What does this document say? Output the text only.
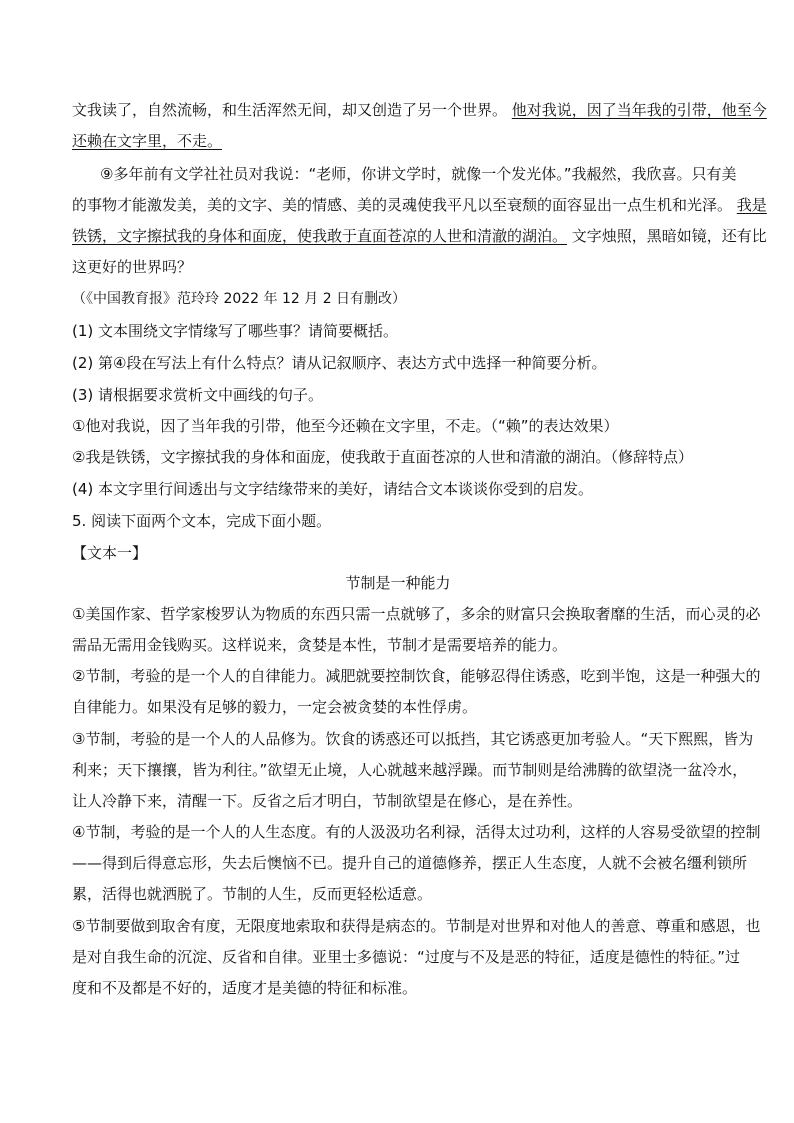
文我读了，自然流畅，和生活浑然无间，却又创造了另一个世界。 他对我说，因了当年我的引带，他至今
还赖在文字里，不走。
⑨多年前有文学社社员对我说：“老师，你讲文学时，就像一个发光体。”我赧然，我欣喜。只有美
的事物才能激发美，美的文字、美的情感、美的灵魂使我平凡以至衰颓的面容显出一点生机和光泽。 我是
铁锈，文字擦拭我的身体和面庞，使我敢于直面苍凉的人世和清澈的湖泊。 文字烛照，黑暗如镜，还有比
这更好的世界吗？
（《中国教育报》范玲玲 2022 年 12 月 2 日有删改）
(1) 文本围绕文字情缘写了哪些事？请简要概括。
(2) 第④段在写法上有什么特点？请从记叙顺序、表达方式中选择一种简要分析。
(3) 请根据要求赏析文中画线的句子。
①他对我说，因了当年我的引带，他至今还赖在文字里，不走。（“赖”的表达效果）
②我是铁锈，文字擦拭我的身体和面庞，使我敢于直面苍凉的人世和清澈的湖泊。（修辞特点）
(4) 本文字里行间透出与文字结缘带来的美好，请结合文本谈谈你受到的启发。
5. 阅读下面两个文本，完成下面小题。
【文本一】
节制是一种能力
①美国作家、哲学家梭罗认为物质的东西只需一点就够了，多余的财富只会换取奢靡的生活，而心灵的必
需品无需用金钱购买。这样说来，贪婪是本性，节制才是需要培养的能力。
②节制，考验的是一个人的自律能力。减肥就要控制饮食，能够忍得住诱惑，吃到半饱，这是一种强大的
自律能力。如果没有足够的毅力，一定会被贪婪的本性俘虏。
③节制，考验的是一个人的人品修为。饮食的诱惑还可以抵挡，其它诱惑更加考验人。“天下熙熙，皆为
利来；天下攘攘，皆为利往。”欲望无止境，人心就越来越浮躁。而节制则是给沸腾的欲望浇一盆冷水，
让人冷静下来，清醒一下。反省之后才明白，节制欲望是在修心，是在养性。
④节制，考验的是一个人的人生态度。有的人汲汲功名利禄，活得太过功利，这样的人容易受欲望的控制
——得到后得意忘形，失去后懊恼不已。提升自己的道德修养，摆正人生态度，人就不会被名缰利锁所
累，活得也就洒脱了。节制的人生，反而更轻松适意。
⑤节制要做到取舍有度，无限度地索取和获得是病态的。节制是对世界和对他人的善意、尊重和感恩，也
是对自我生命的沉淀、反省和自律。亚里士多德说：“过度与不及是恶的特征，适度是德性的特征。”过
度和不及都是不好的，适度才是美德的特征和标准。
